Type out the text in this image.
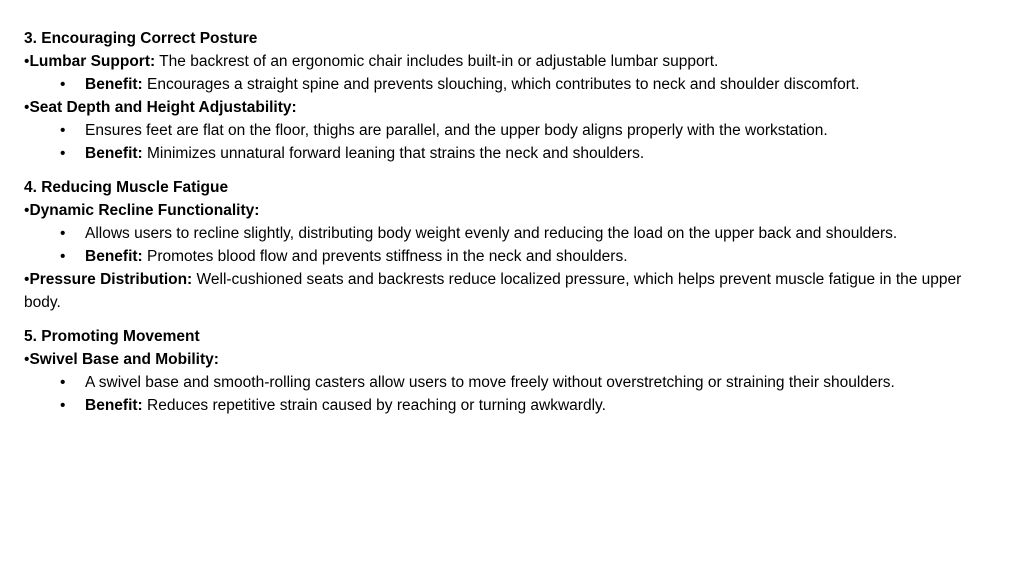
3. Encouraging Correct Posture
• Lumbar Support: The backrest of an ergonomic chair includes built-in or adjustable lumbar support.
• Benefit: Encourages a straight spine and prevents slouching, which contributes to neck and shoulder discomfort.
• Seat Depth and Height Adjustability:
• Ensures feet are flat on the floor, thighs are parallel, and the upper body aligns properly with the workstation.
• Benefit: Minimizes unnatural forward leaning that strains the neck and shoulders.
4. Reducing Muscle Fatigue
• Dynamic Recline Functionality:
• Allows users to recline slightly, distributing body weight evenly and reducing the load on the upper back and shoulders.
• Benefit: Promotes blood flow and prevents stiffness in the neck and shoulders.
• Pressure Distribution: Well-cushioned seats and backrests reduce localized pressure, which helps prevent muscle fatigue in the upper body.
5. Promoting Movement
• Swivel Base and Mobility:
• A swivel base and smooth-rolling casters allow users to move freely without overstretching or straining their shoulders.
• Benefit: Reduces repetitive strain caused by reaching or turning awkwardly.
